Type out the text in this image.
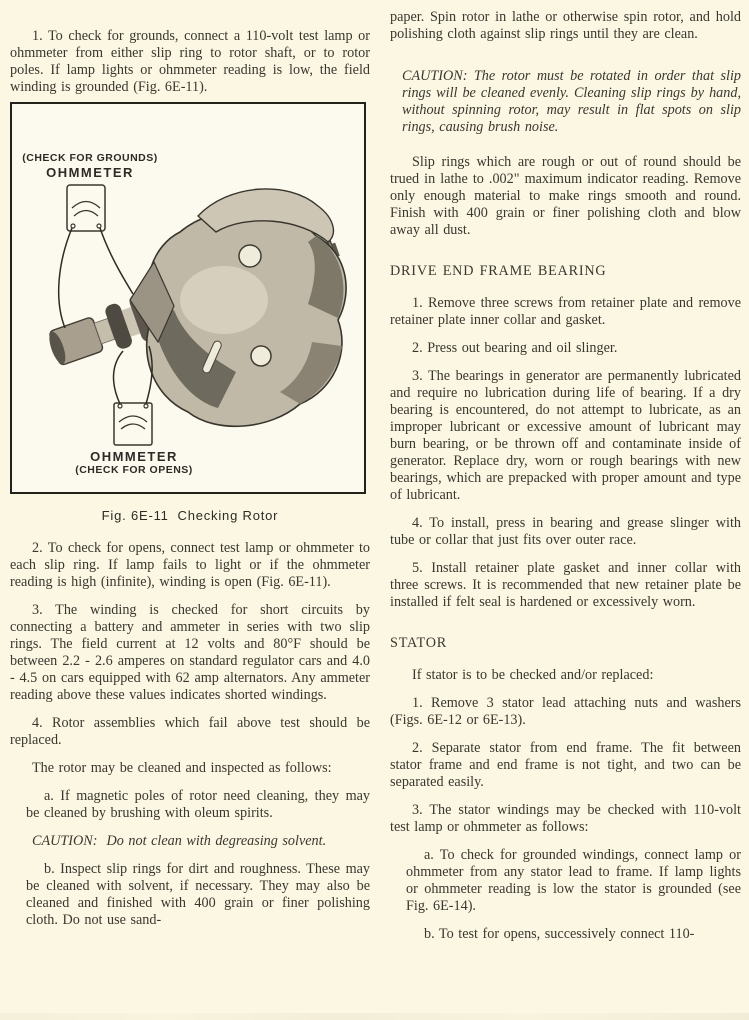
1. To check for grounds, connect a 110-volt test lamp or ohmmeter from either slip ring to rotor shaft, or to rotor poles. If lamp lights or ohmmeter reading is low, the field winding is grounded (Fig. 6E-11).

(CHECK FOR GROUNDS)
OHMMETER
OHMMETER
(CHECK FOR OPENS)
Fig. 6E-11  Checking Rotor

2. To check for opens, connect test lamp or ohmmeter to each slip ring. If lamp fails to light or if the ohmmeter reading is high (infinite), winding is open (Fig. 6E-11).

3. The winding is checked for short circuits by connecting a battery and ammeter in series with two slip rings. The field current at 12 volts and 80°F should be between 2.2 - 2.6 amperes on standard regulator cars and 4.0 - 4.5 on cars equipped with 62 amp alternators. Any ammeter reading above these values indicates shorted windings.

4. Rotor assemblies which fail above test should be replaced.

The rotor may be cleaned and inspected as follows:

a. If magnetic poles of rotor need cleaning, they may be cleaned by brushing with oleum spirits.

CAUTION:  Do not clean with degreasing solvent.

b. Inspect slip rings for dirt and roughness. These may be cleaned with solvent, if necessary. They may also be cleaned and finished with 400 grain or finer polishing cloth. Do not use sand-

paper. Spin rotor in lathe or otherwise spin rotor, and hold polishing cloth against slip rings until they are clean.

CAUTION: The rotor must be rotated in order that slip rings will be cleaned evenly. Cleaning slip rings by hand, without spinning rotor, may result in flat spots on slip rings, causing brush noise.

Slip rings which are rough or out of round should be trued in lathe to .002" maximum indicator reading. Remove only enough material to make rings smooth and round. Finish with 400 grain or finer polishing cloth and blow away all dust.

DRIVE END FRAME BEARING

1. Remove three screws from retainer plate and remove retainer plate inner collar and gasket.

2. Press out bearing and oil slinger.

3. The bearings in generator are permanently lubricated and require no lubrication during life of bearing. If a dry bearing is encountered, do not attempt to lubricate, as an improper lubricant or excessive amount of lubricant may burn bearing, or be thrown off and contaminate inside of generator. Replace dry, worn or rough bearings with new bearings, which are prepacked with proper amount and type of lubricant.

4. To install, press in bearing and grease slinger with tube or collar that just fits over outer race.

5. Install retainer plate gasket and inner collar with three screws. It is recommended that new retainer plate be installed if felt seal is hardened or excessively worn.

STATOR

If stator is to be checked and/or replaced:

1. Remove 3 stator lead attaching nuts and washers (Figs. 6E-12 or 6E-13).

2. Separate stator from end frame. The fit between stator frame and end frame is not tight, and two can be separated easily.

3. The stator windings may be checked with 110-volt test lamp or ohmmeter as follows:

a. To check for grounded windings, connect lamp or ohmmeter from any stator lead to frame. If lamp lights or ohmmeter reading is low the stator is grounded (see Fig. 6E-14).

b. To test for opens, successively connect 110-
